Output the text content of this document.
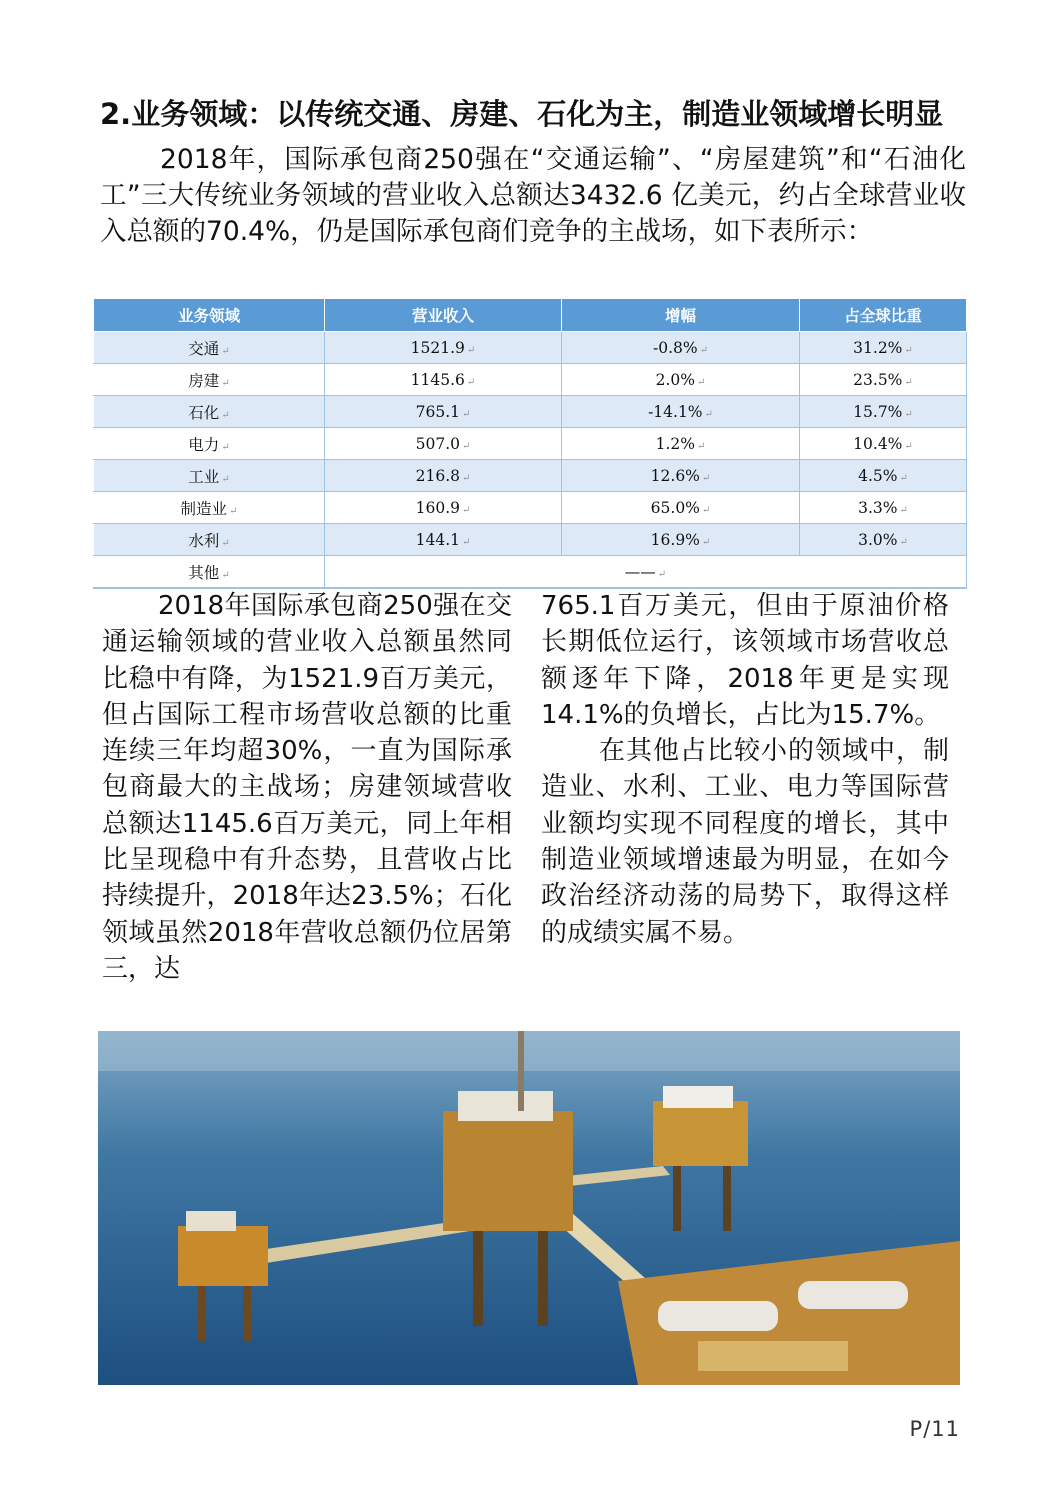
2.业务领域：以传统交通、房建、石化为主，制造业领域增长明显
2018年，国际承包商250强在“交通运输”、“房屋建筑”和“石油化工”三大传统业务领域的营业收入总额达3432.6 亿美元，约占全球营业收入总额的70.4%，仍是国际承包商们竞争的主战场，如下表所示：
业务领域	营业收入	增幅	占全球比重
交通 ↵	1521.9 ↵	-0.8% ↵	31.2% ↵
房建 ↵	1145.6 ↵	2.0% ↵	23.5% ↵
石化 ↵	765.1 ↵	-14.1% ↵	15.7% ↵
电力 ↵	507.0 ↵	1.2% ↵	10.4% ↵
工业 ↵	216.8 ↵	12.6% ↵	4.5% ↵
制造业 ↵	160.9 ↵	65.0% ↵	3.3% ↵
水利 ↵	144.1 ↵	16.9% ↵	3.0% ↵
其他 ↵	—— ↵		
2018年国际承包商250强在交通运输领域的营业收入总额虽然同比稳中有降，为1521.9百万美元，但占国际工程市场营收总额的比重连续三年均超30%，一直为国际承包商最大的主战场；房建领域营收总额达1145.6百万美元，同上年相比呈现稳中有升态势，且营收占比持续提升，2018年达23.5%；石化领域虽然2018年营收总额仍位居第三，达

765.1百万美元，但由于原油价格长期低位运行，该领域市场营收总额逐年下降，2018年更是实现14.1%的负增长，占比为15.7%。

在其他占比较小的领域中，制造业、水利、工业、电力等国际营业额均实现不同程度的增长，其中制造业领域增速最为明显，在如今政治经济动荡的局势下，取得这样的成绩实属不易。

P/11
